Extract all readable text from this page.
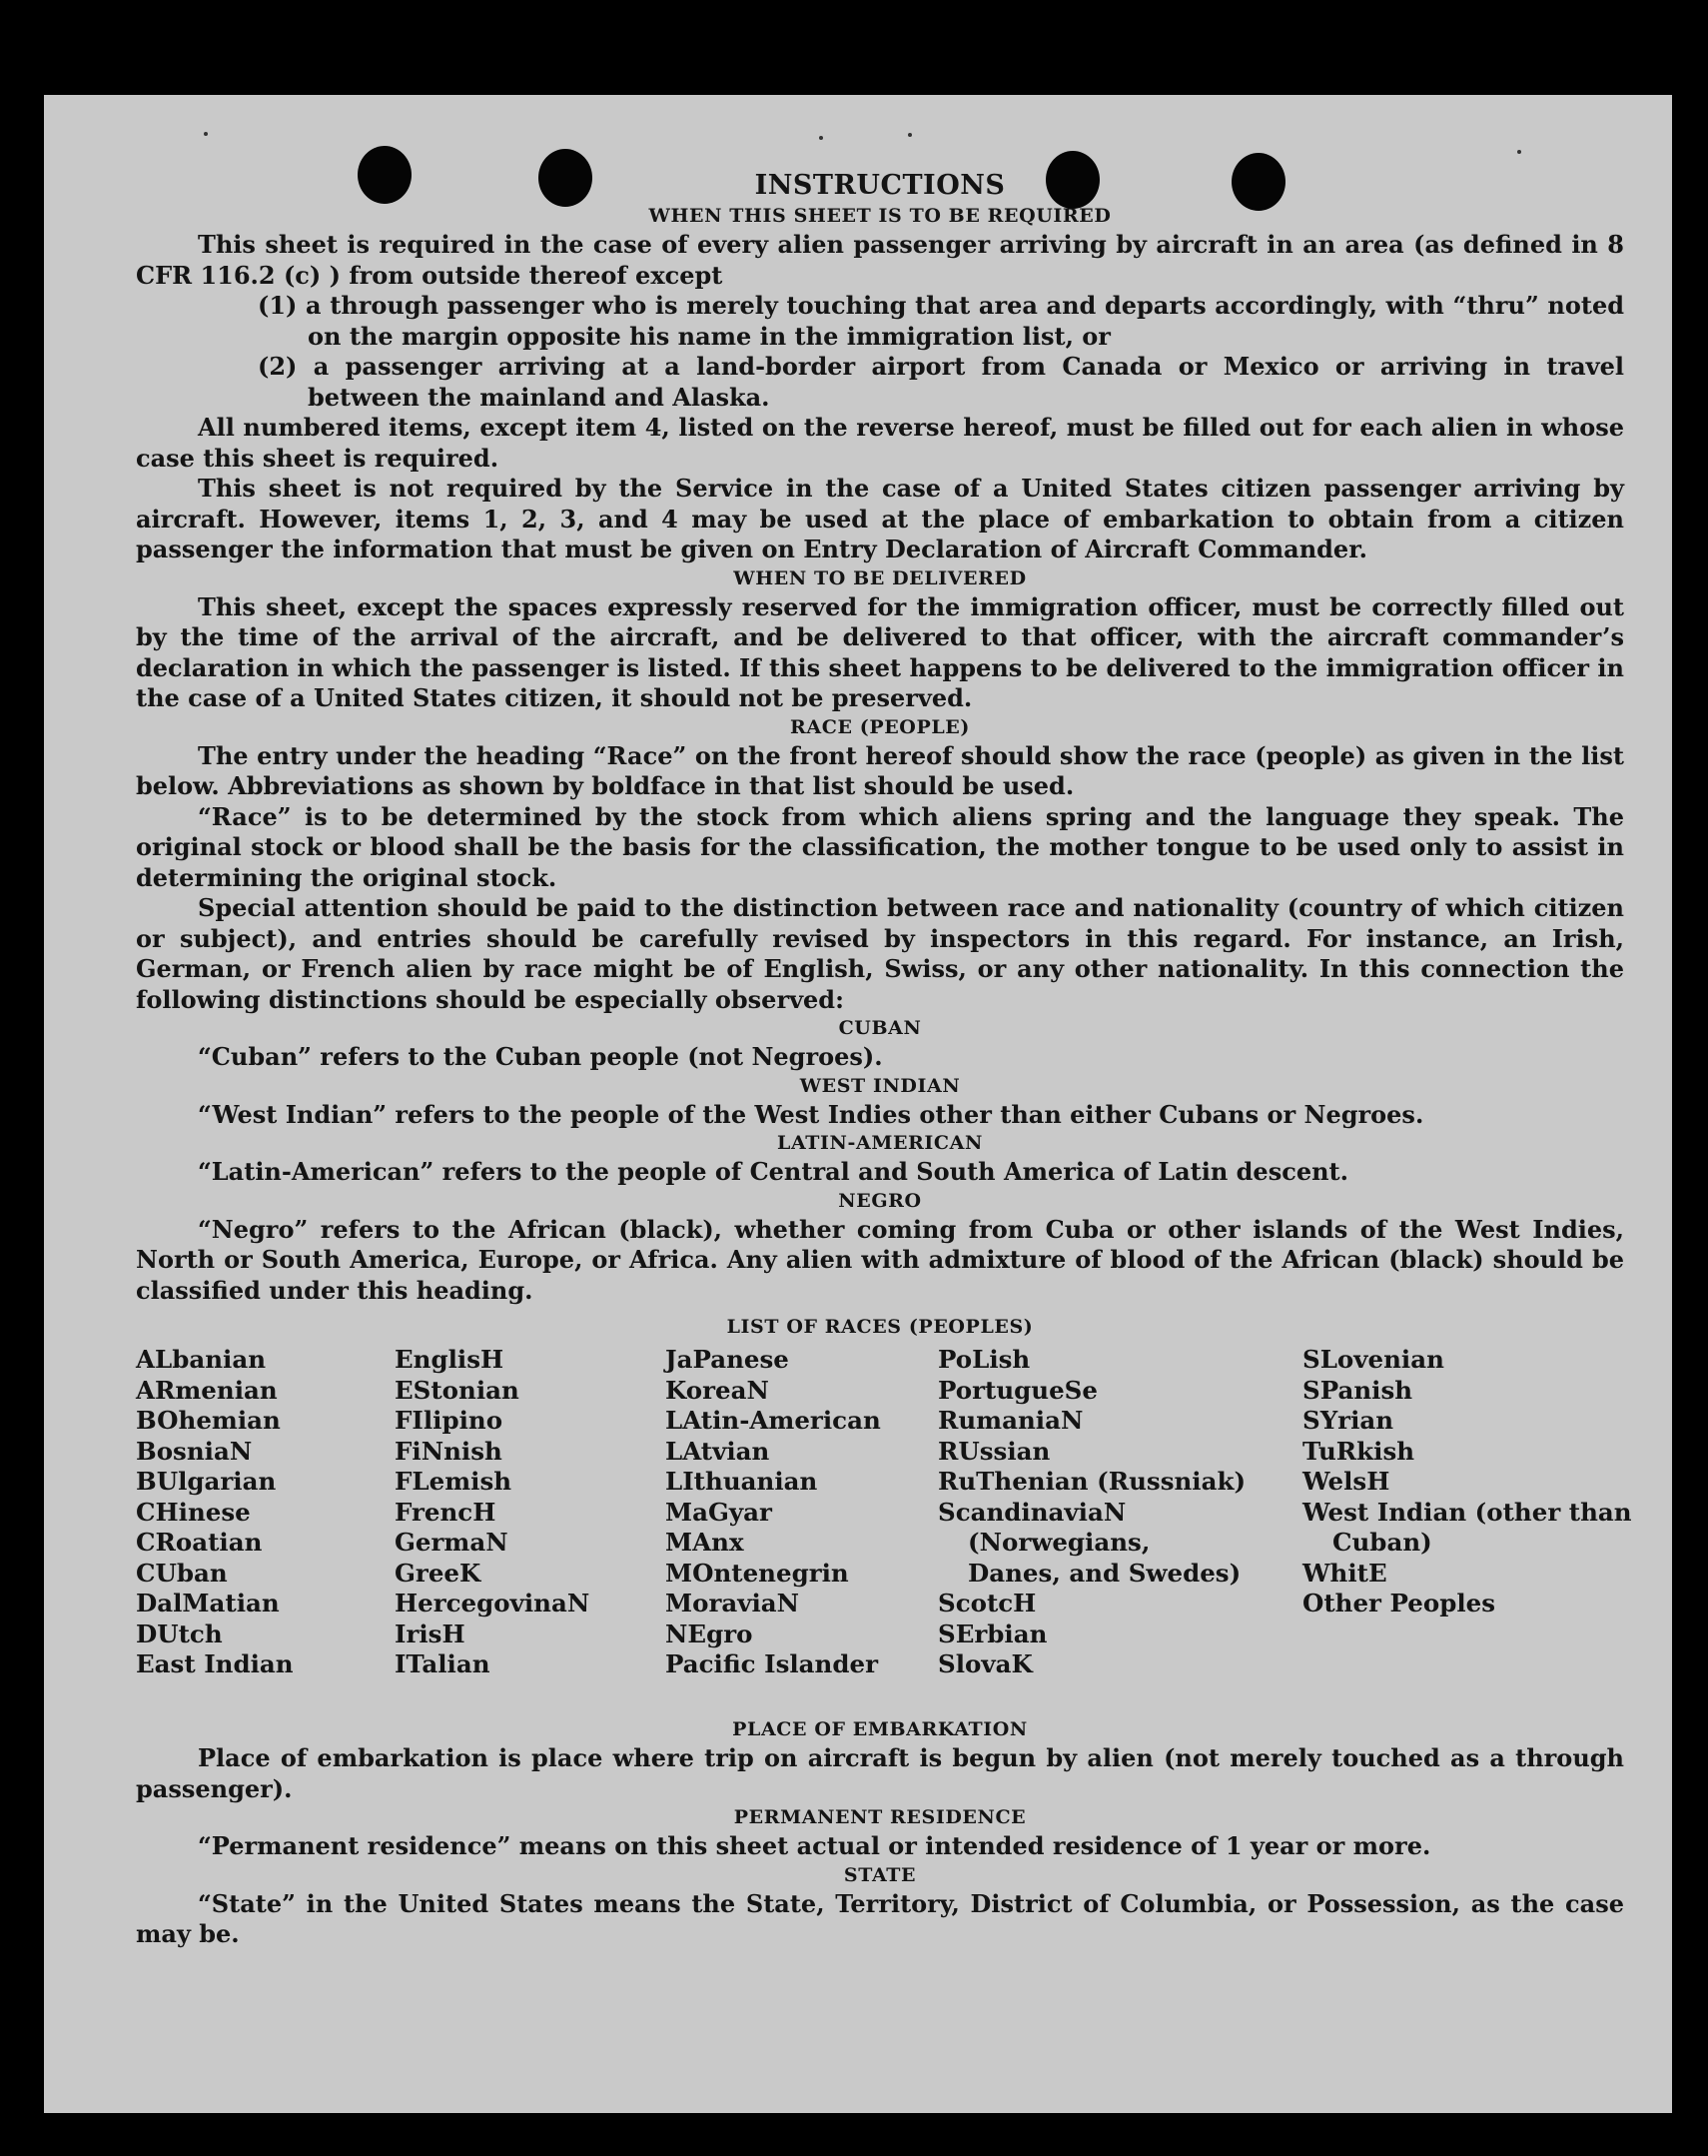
INSTRUCTIONS
WHEN THIS SHEET IS TO BE REQUIRED

This sheet is required in the case of every alien passenger arriving by aircraft in an area (as defined in 8 CFR 116.2 (c) ) from outside thereof except

(1) a through passenger who is merely touching that area and departs accordingly, with “thru” noted on the margin opposite his name in the immigration list, or

(2) a passenger arriving at a land-border airport from Canada or Mexico or arriving in travel between the mainland and Alaska.

All numbered items, except item 4, listed on the reverse hereof, must be filled out for each alien in whose case this sheet is required.

This sheet is not required by the Service in the case of a United States citizen passenger arriving by aircraft. However, items 1, 2, 3, and 4 may be used at the place of embarkation to obtain from a citizen passenger the information that must be given on Entry Declaration of Aircraft Commander.

WHEN TO BE DELIVERED

This sheet, except the spaces expressly reserved for the immigration officer, must be correctly filled out by the time of the arrival of the aircraft, and be delivered to that officer, with the aircraft commander’s declaration in which the passenger is listed. If this sheet happens to be delivered to the immigration officer in the case of a United States citizen, it should not be preserved.

RACE (PEOPLE)

The entry under the heading “Race” on the front hereof should show the race (people) as given in the list below. Abbreviations as shown by boldface in that list should be used.

“Race” is to be determined by the stock from which aliens spring and the language they speak. The original stock or blood shall be the basis for the classification, the mother tongue to be used only to assist in determining the original stock.

Special attention should be paid to the distinction between race and nationality (country of which citizen or subject), and entries should be carefully revised by inspectors in this regard. For instance, an Irish, German, or French alien by race might be of English, Swiss, or any other nationality. In this connection the following distinctions should be especially observed:

CUBAN

“Cuban” refers to the Cuban people (not Negroes).

WEST INDIAN

“West Indian” refers to the people of the West Indies other than either Cubans or Negroes.

LATIN-AMERICAN

“Latin-American” refers to the people of Central and South America of Latin descent.

NEGRO

“Negro” refers to the African (black), whether coming from Cuba or other islands of the West Indies, North or South America, Europe, or Africa. Any alien with admixture of blood of the African (black) should be classified under this heading.

LIST OF RACES (PEOPLES)
ALbanian
ARmenian
BOhemian
BosniaN
BUlgarian
CHinese
CRoatian
CUban
DalMatian
DUtch
East Indian
EnglisH
EStonian
FIlipino
FiNnish
FLemish
FrencH
GermaN
GreeK
HercegovinaN
IrisH
ITalian
JaPanese
KoreaN
LAtin-American
LAtvian
LIthuanian
MaGyar
MAnx
MOntenegrin
MoraviaN
NEgro
Pacific Islander
PoLish
PortugueSe
RumaniaN
RUssian
RuThenian (Russniak)
ScandinaviaN (Norwegians, Danes, and Swedes)
ScotcH
SErbian
SlovaK
SLovenian
SPanish
SYrian
TuRkish
WelsH
West Indian (other than Cuban)
WhitE
Other Peoples
PLACE OF EMBARKATION

Place of embarkation is place where trip on aircraft is begun by alien (not merely touched as a through passenger).

PERMANENT RESIDENCE

“Permanent residence” means on this sheet actual or intended residence of 1 year or more.

STATE

“State” in the United States means the State, Territory, District of Columbia, or Possession, as the case may be.
